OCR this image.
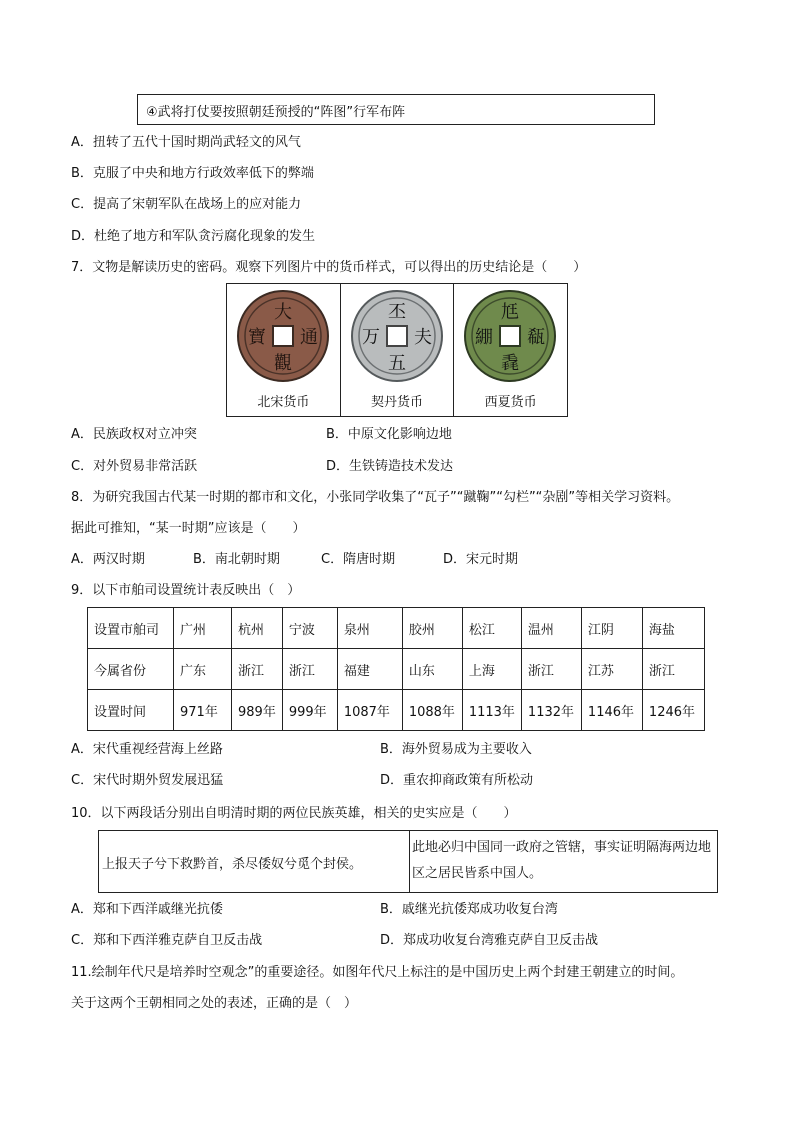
④武将打仗要按照朝廷预授的“阵图”行军布阵
A．扭转了五代十国时期尚武轻文的风气
B．克服了中央和地方行政效率低下的弊端
C．提高了宋朝军队在战场上的应对能力
D．杜绝了地方和军队贪污腐化现象的发生
7．文物是解读历史的密码。观察下列图片中的货币样式，可以得出的历史结论是（　　）
大
觀
寶 通
北宋货币
丕
五
万 夫
契丹货币
尪
毳
綳 瓻
西夏货币
A．民族政权对立冲突	B．中原文化影响边地
C．对外贸易非常活跃	D．生铁铸造技术发达
8．为研究我国古代某一时期的都市和文化，小张同学收集了“瓦子”“蹴鞠”“勾栏”“杂剧”等相关学习资料。
据此可推知，“某一时期”应该是（　　）
A．两汉时期	B．南北朝时期	C．隋唐时期	D．宋元时期
9．以下市舶司设置统计表反映出（　）
设置市舶司	广州	杭州	宁波	泉州	胶州	松江	温州	江阴	海盐
今属省份	广东	浙江	浙江	福建	山东	上海	浙江	江苏	浙江
设置时间	971年	989年	999年	1087年	1088年	1113年	1132年	1146年	1246年
A．宋代重视经营海上丝路	B．海外贸易成为主要收入
C．宋代时期外贸发展迅猛	D．重农抑商政策有所松动
10．以下两段话分别出自明清时期的两位民族英雄，相关的史实应是（　　）
上报天子兮下救黔首，杀尽倭奴兮觅个封侯。
此地必归中国同一政府之管辖，事实证明隔海两边地区之居民皆系中国人。
A．郑和下西洋戚继光抗倭	B．戚继光抗倭郑成功收复台湾
C．郑和下西洋雅克萨自卫反击战	D．郑成功收复台湾雅克萨自卫反击战
11.绘制年代尺是培养时空观念”的重要途径。如图年代尺上标注的是中国历史上两个封建王朝建立的时间。
关于这两个王朝相同之处的表述，正确的是（　）
